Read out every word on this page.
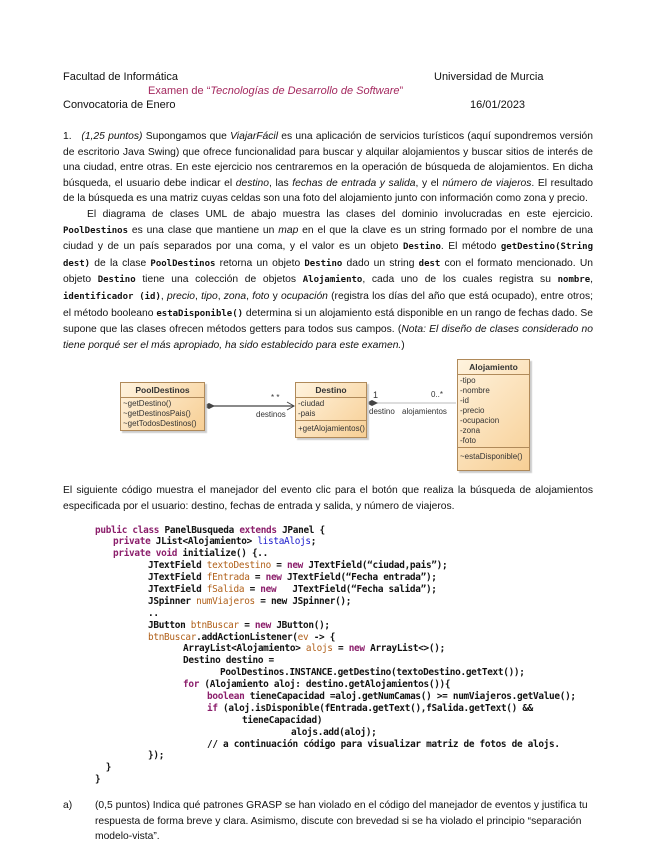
Facultad de Informática	Universidad de Murcia
Examen de “Tecnologías de Desarrollo de Software”
Convocatoria de Enero	16/01/2023
1. (1,25 puntos) Supongamos que ViajarFácil es una aplicación de servicios turísticos (aquí supondremos versión de escritorio Java Swing) que ofrece funcionalidad para buscar y alquilar alojamientos y buscar sitios de interés de una ciudad, entre otras. En este ejercicio nos centraremos en la operación de búsqueda de alojamientos. En dicha búsqueda, el usuario debe indicar el destino, las fechas de entrada y salida, y el número de viajeros. El resultado de la búsqueda es una matriz cuyas celdas son una foto del alojamiento junto con información como zona y precio.
El diagrama de clases UML de abajo muestra las clases del dominio involucradas en este ejercicio. PoolDestinos es una clase que mantiene un map en el que la clave es un string formado por el nombre de una ciudad y de un país separados por una coma, y el valor es un objeto Destino. El método getDestino(String dest) de la clase PoolDestinos retorna un objeto Destino dado un string dest con el formato mencionado. Un objeto Destino tiene una colección de objetos Alojamiento, cada uno de los cuales registra su nombre, identificador (id), precio, tipo, zona, foto y ocupación (registra los días del año que está ocupado), entre otros; el método booleano estaDisponible() determina si un alojamiento está disponible en un rango de fechas dado. Se supone que las clases ofrecen métodos getters para todos sus campos. (Nota: El diseño de clases considerado no tiene porqué ser el más apropiado, ha sido establecido para este examen.)
PoolDestinos
~getDestino()
~getDestinosPais()
~getTodosDestinos()
Destino
-ciudad
-pais
+getAlojamientos()
Alojamiento
-tipo
-nombre
-id
-precio
-ocupacion
-zona
-foto
~estaDisponible()
* *
destinos
1	0..*
destino alojamientos
El siguiente código muestra el manejador del evento clic para el botón que realiza la búsqueda de alojamientos especificada por el usuario: destino, fechas de entrada y salida, y número de viajeros.
public class PanelBusqueda extends JPanel {
private JList<Alojamiento> listaAlojs;
private void initialize() {..
JTextField textoDestino = new JTextField(“ciudad,pais”);
JTextField fEntrada = new JTextField(“Fecha entrada”);
JTextField fSalida = new   JTextField(“Fecha salida”);
JSpinner numViajeros = new JSpinner();
..
JButton btnBuscar = new JButton();
btnBuscar.addActionListener(ev -> {
ArrayList<Alojamiento> alojs = new ArrayList<>();
Destino destino =
PoolDestinos.INSTANCE.getDestino(textoDestino.getText());
for (Alojamiento aloj: destino.getAlojamientos()){
boolean tieneCapacidad =aloj.getNumCamas() >= numViajeros.getValue();
if (aloj.isDisponible(fEntrada.getText(),fSalida.getText() &&
tieneCapacidad)
alojs.add(aloj);
// a continuación código para visualizar matriz de fotos de alojs.
});
}
}
a)	(0,5 puntos) Indica qué patrones GRASP se han violado en el código del manejador de eventos y justifica tu respuesta de forma breve y clara. Asimismo, discute con brevedad si se ha violado el principio “separación modelo-vista”.
